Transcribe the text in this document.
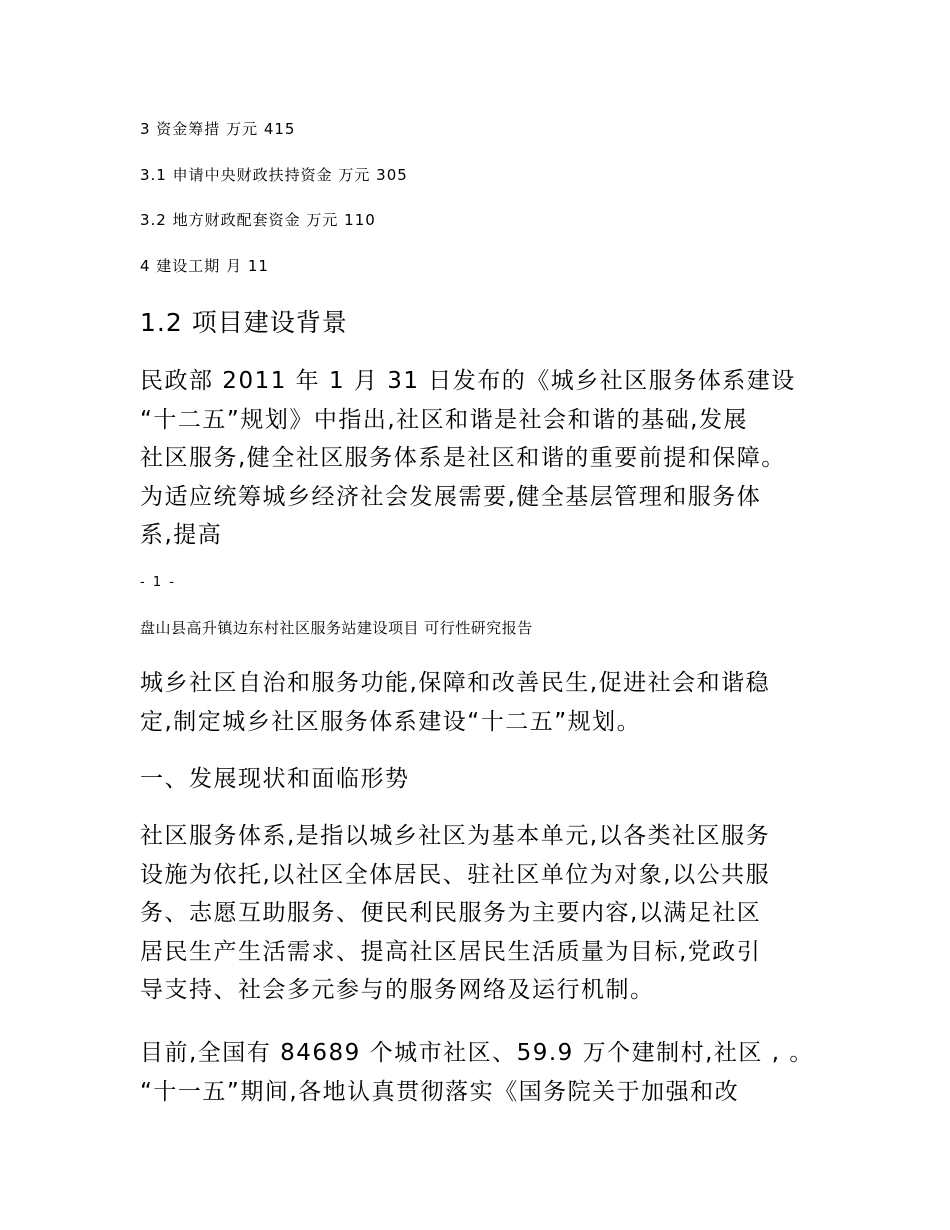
3 资金筹措 万元 415
3.1 申请中央财政扶持资金 万元 305
3.2 地方财政配套资金 万元 110
4 建设工期 月 11
1.2 项目建设背景
民政部 2011 年 1 月 31 日发布的《城乡社区服务体系建设
“十二五”规划》中指出,社区和谐是社会和谐的基础,发展
社区服务,健全社区服务体系是社区和谐的重要前提和保障。
为适应统筹城乡经济社会发展需要,健全基层管理和服务体
系,提高
- 1 -
盘山县高升镇边东村社区服务站建设项目 可行性研究报告
城乡社区自治和服务功能,保障和改善民生,促进社会和谐稳
定,制定城乡社区服务体系建设“十二五”规划。
一、发展现状和面临形势
社区服务体系,是指以城乡社区为基本单元,以各类社区服务
设施为依托,以社区全体居民、驻社区单位为对象,以公共服
务、志愿互助服务、便民利民服务为主要内容,以满足社区
居民生产生活需求、提高社区居民生活质量为目标,党政引
导支持、社会多元参与的服务网络及运行机制。
目前,全国有 84689 个城市社区、59.9 万个建制村,社区 , 。
“十一五”期间,各地认真贯彻落实《国务院关于加强和改
